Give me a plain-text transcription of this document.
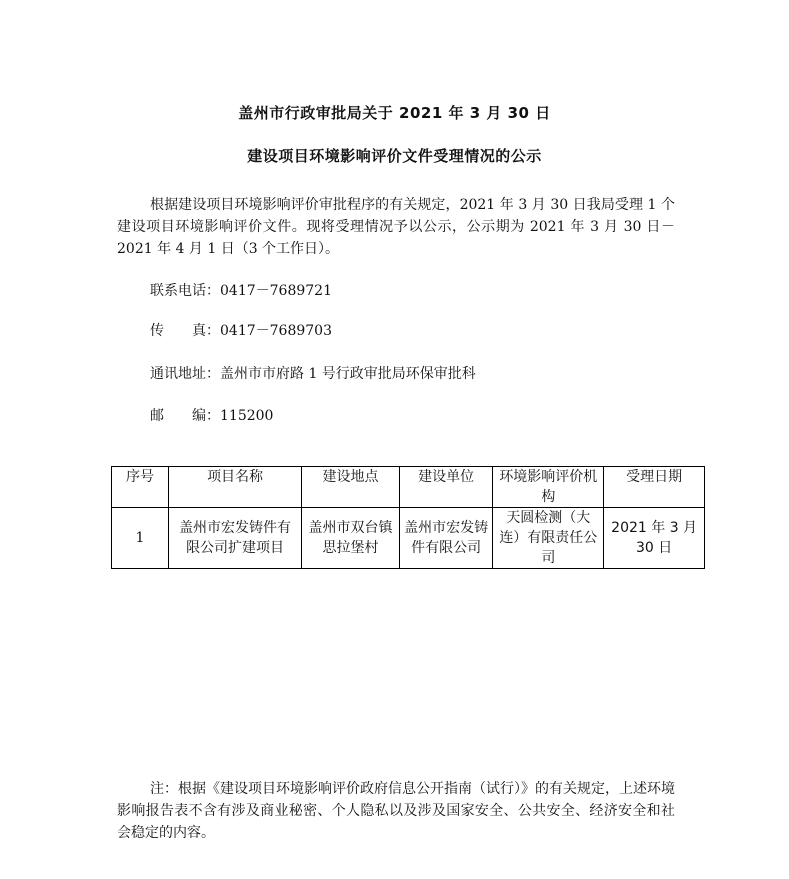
盖州市行政审批局关于 2021 年 3 月 30 日
建设项目环境影响评价文件受理情况的公示
根据建设项目环境影响评价审批程序的有关规定，2021 年 3 月 30 日我局受理 1 个建设项目环境影响评价文件。现将受理情况予以公示，公示期为 2021 年 3 月 30 日－2021 年 4 月 1 日（3 个工作日）。
联系电话：0417－7689721
传　　真：0417－7689703
通讯地址：盖州市市府路 1 号行政审批局环保审批科
邮　　编：115200
序号	项目名称	建设地点	建设单位	环境影响评价机构	受理日期
1	盖州市宏发铸件有限公司扩建项目	盖州市双台镇思拉堡村	盖州市宏发铸件有限公司	天圆检测（大连）有限责任公司	2021 年 3 月 30 日
注：根据《建设项目环境影响评价政府信息公开指南（试行）》的有关规定，上述环境影响报告表不含有涉及商业秘密、个人隐私以及涉及国家安全、公共安全、经济安全和社会稳定的内容。
